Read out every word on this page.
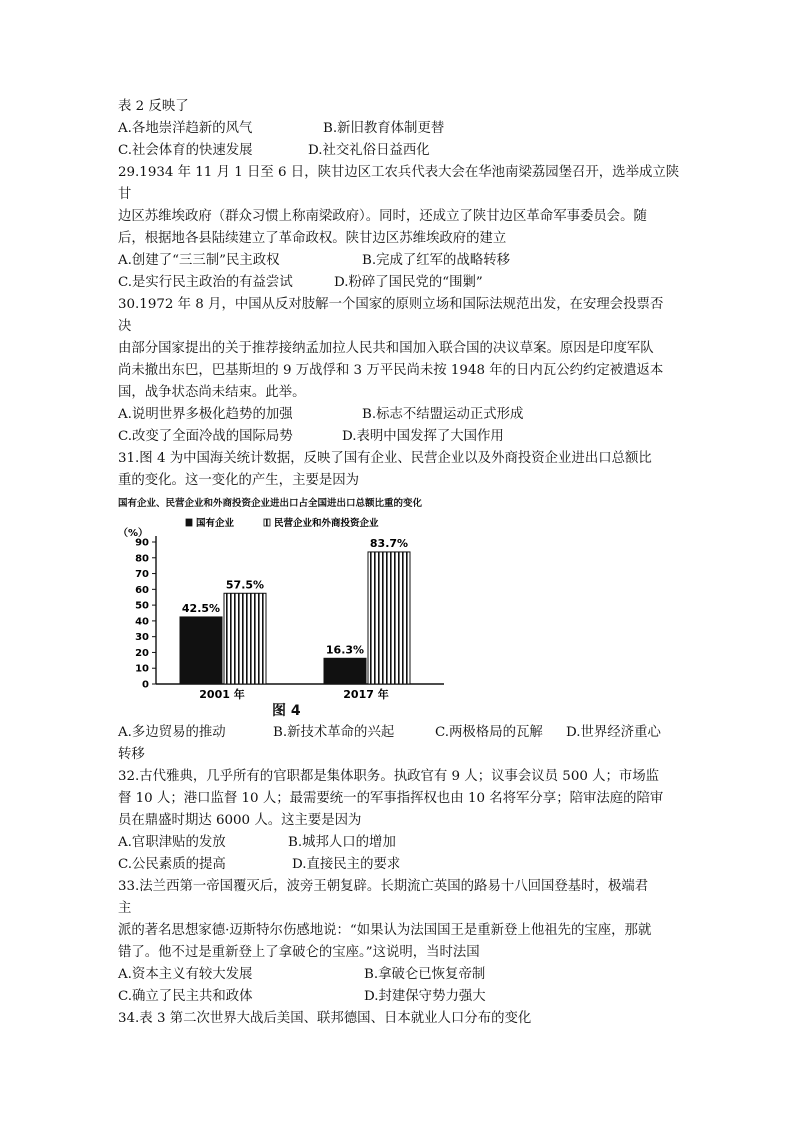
表 2 反映了
A.各地崇洋趋新的风气	B.新旧教育体制更替
C.社会体育的快速发展	D.社交礼俗日益西化
29.1934 年 11 月 1 日至 6 日，陕甘边区工农兵代表大会在华池南梁荔园堡召开，选举成立陕
甘
边区苏维埃政府（群众习惯上称南梁政府）。同时，还成立了陕甘边区革命军事委员会。随
后，根据地各县陆续建立了革命政权。陕甘边区苏维埃政府的建立
A.创建了“三三制”民主政权	B.完成了红军的战略转移
C.是实行民主政治的有益尝试	D.粉碎了国民党的“围剿”
30.1972 年 8 月，中国从反对肢解一个国家的原则立场和国际法规范出发，在安理会投票否
决
由部分国家提出的关于推荐接纳孟加拉人民共和国加入联合国的决议草案。原因是印度军队
尚未撤出东巴，巴基斯坦的 9 万战俘和 3 万平民尚未按 1948 年的日内瓦公约约定被遣返本
国，战争状态尚未结束。此举。
A.说明世界多极化趋势的加强	B.标志不结盟运动正式形成
C.改变了全面冷战的国际局势	D.表明中国发挥了大国作用
31.图 4 为中国海关统计数据，反映了国有企业、民营企业以及外商投资企业进出口总额比
重的变化。这一变化的产生，主要是因为
国有企业、民营企业和外商投资企业进出口占全国进出口总额比重的变化
（%）
0
10
20
30
40
50
60
70
80
90
国有企业	民营企业和外商投资企业
42.5%
57.5%
2001 年
16.3%
83.7%
2017 年
图 4
A.多边贸易的推动	B.新技术革命的兴起	C.两极格局的瓦解	D.世界经济重心
转移
32.古代雅典，几乎所有的官职都是集体职务。执政官有 9 人；议事会议员 500 人；市场监
督 10 人；港口监督 10 人；最需要统一的军事指挥权也由 10 名将军分享；陪审法庭的陪审
员在鼎盛时期达 6000 人。这主要是因为
A.官职津贴的发放	B.城邦人口的增加
C.公民素质的提高	D.直接民主的要求
33.法兰西第一帝国覆灭后，波旁王朝复辟。长期流亡英国的路易十八回国登基时，极端君
主
派的著名思想家德·迈斯特尔伤感地说：“如果认为法国国王是重新登上他祖先的宝座，那就
错了。他不过是重新登上了拿破仑的宝座。”这说明，当时法国
A.资本主义有较大发展	B.拿破仑已恢复帝制
C.确立了民主共和政体	D.封建保守势力强大
34.表 3 第二次世界大战后美国、联邦德国、日本就业人口分布的变化
